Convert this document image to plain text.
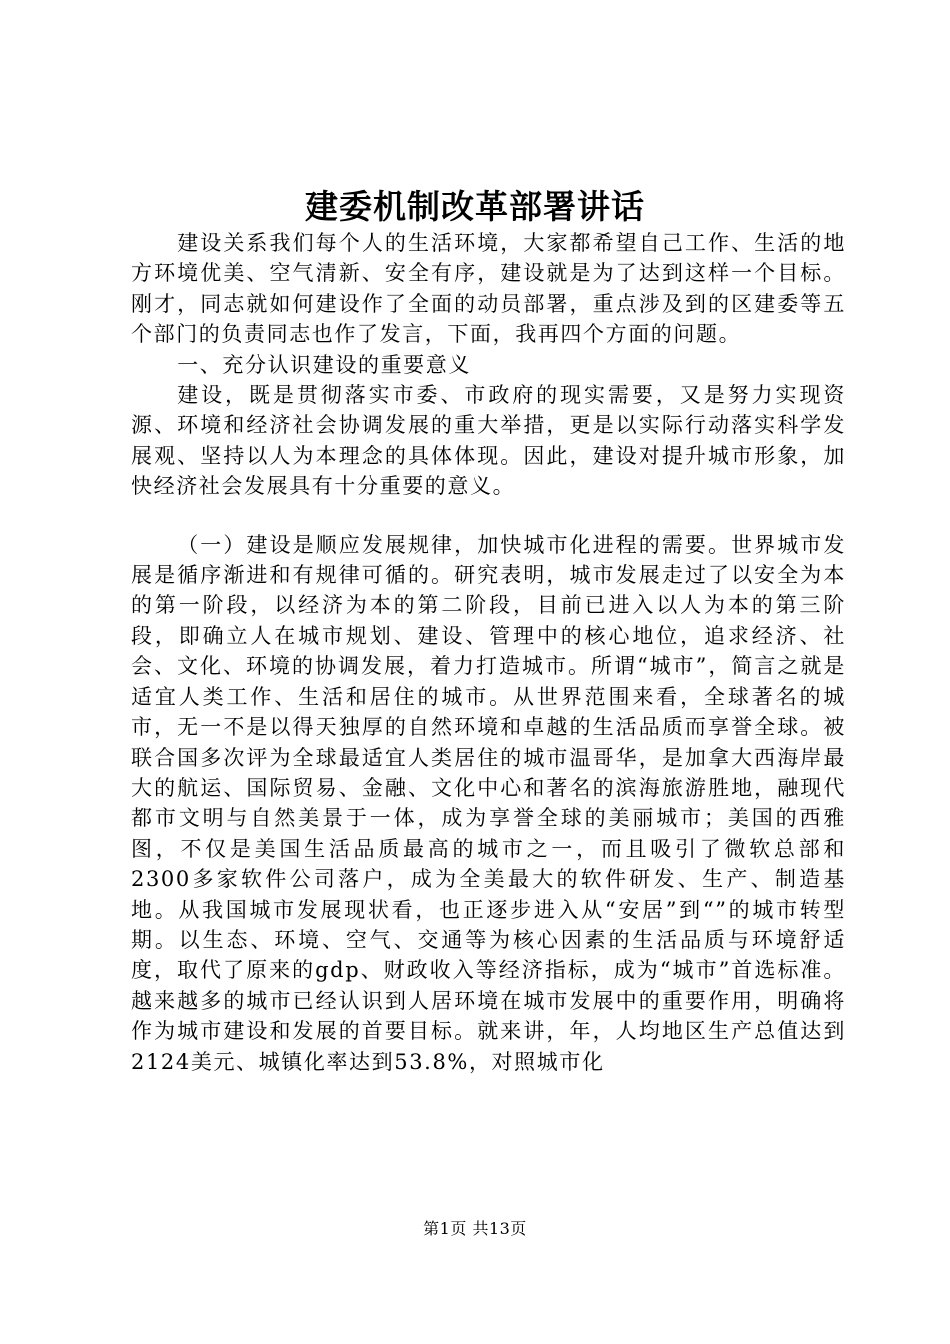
建委机制改革部署讲话

建设关系我们每个人的生活环境，大家都希望自己工作、生活的地方环境优美、空气清新、安全有序，建设就是为了达到这样一个目标。刚才，同志就如何建设作了全面的动员部署，重点涉及到的区建委等五个部门的负责同志也作了发言，下面，我再四个方面的问题。

一、充分认识建设的重要意义

建设，既是贯彻落实市委、市政府的现实需要，又是努力实现资源、环境和经济社会协调发展的重大举措，更是以实际行动落实科学发展观、坚持以人为本理念的具体体现。因此，建设对提升城市形象，加快经济社会发展具有十分重要的意义。

（一）建设是顺应发展规律，加快城市化进程的需要。世界城市发展是循序渐进和有规律可循的。研究表明，城市发展走过了以安全为本的第一阶段，以经济为本的第二阶段，目前已进入以人为本的第三阶段，即确立人在城市规划、建设、管理中的核心地位，追求经济、社会、文化、环境的协调发展，着力打造城市。所谓“城市”，简言之就是适宜人类工作、生活和居住的城市。从世界范围来看，全球著名的城市，无一不是以得天独厚的自然环境和卓越的生活品质而享誉全球。被联合国多次评为全球最适宜人类居住的城市温哥华，是加拿大西海岸最大的航运、国际贸易、金融、文化中心和著名的滨海旅游胜地，融现代都市文明与自然美景于一体，成为享誉全球的美丽城市；美国的西雅图，不仅是美国生活品质最高的城市之一，而且吸引了微软总部和2300多家软件公司落户，成为全美最大的软件研发、生产、制造基地。从我国城市发展现状看，也正逐步进入从“安居”到“”的城市转型期。以生态、环境、空气、交通等为核心因素的生活品质与环境舒适度，取代了原来的gdp、财政收入等经济指标，成为“城市”首选标准。越来越多的城市已经认识到人居环境在城市发展中的重要作用，明确将作为城市建设和发展的首要目标。就来讲，年，人均地区生产总值达到2124美元、城镇化率达到53.8%，对照城市化

第1页 共13页
